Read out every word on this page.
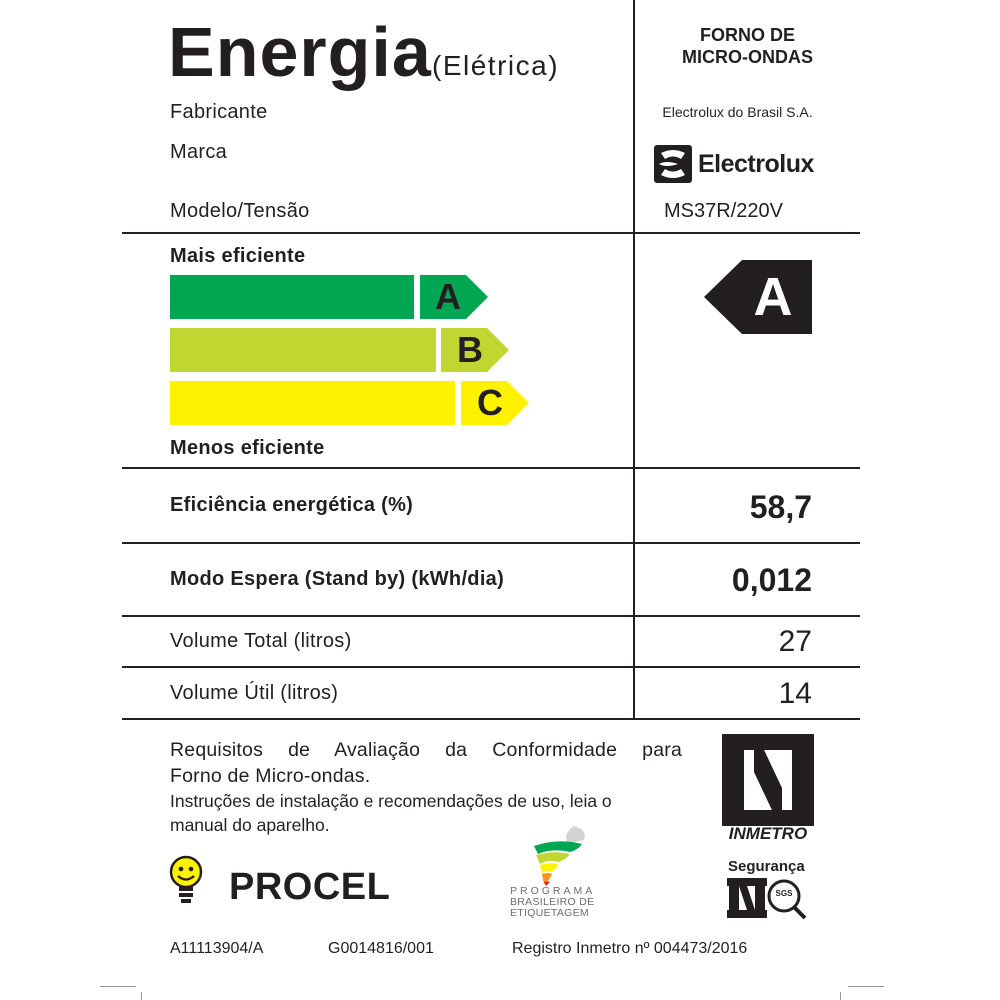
Energia (Elétrica)
FORNO DE
MICRO-ONDAS
Fabricante	Electrolux do Brasil S.A.
Marca	Electrolux
Modelo/Tensão	MS37R/220V
Mais eficiente
A
B
C
Menos eficiente
A
Eficiência energética (%)	58,7
Modo Espera (Stand by) (kWh/dia)	0,012
Volume Total (litros)	27
Volume Útil (litros)	14
Requisitos de Avaliação da Conformidade para
Forno de Micro-ondas.
Instruções de instalação e recomendações de uso, leia o
manual do aparelho.	INMETRO
Segurança
SGS
PROCEL	PROGRAMA
BRASILEIRO DE
ETIQUETAGEM
A11113904/A	G0014816/001	Registro Inmetro nº 004473/2016
